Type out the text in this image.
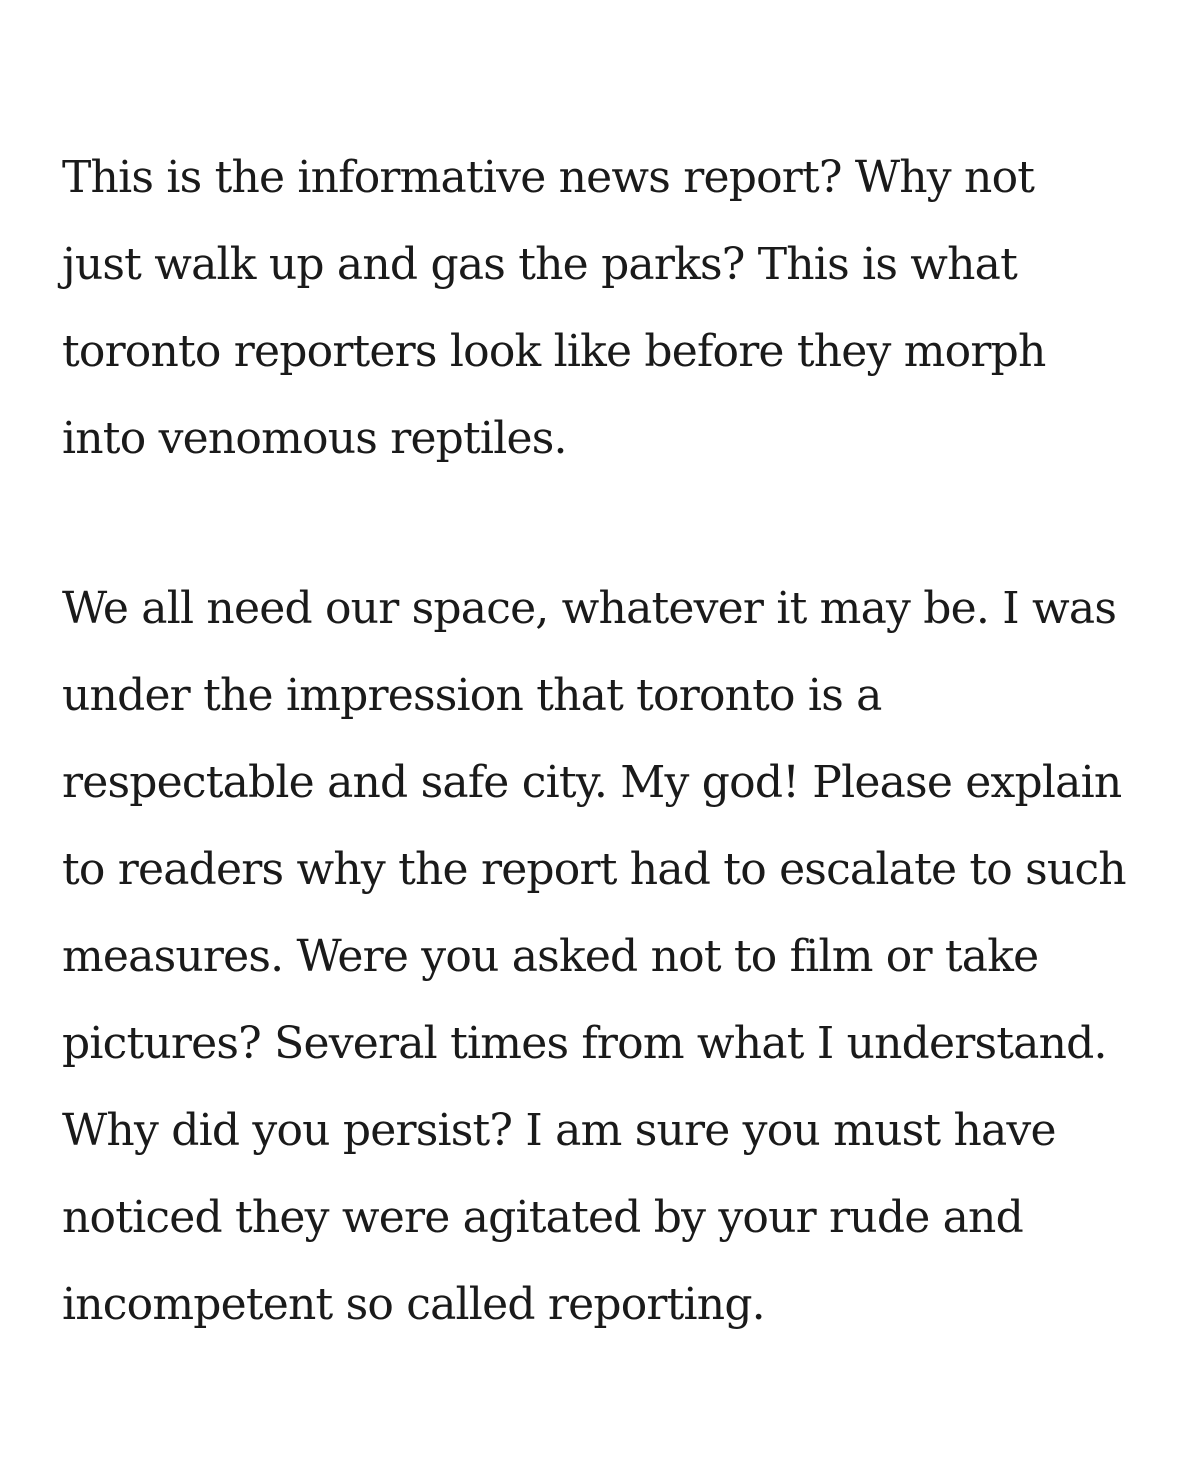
This is the informative news report? Why not
just walk up and gas the parks? This is what
toronto reporters look like before they morph
into venomous reptiles.
We all need our space, whatever it may be. I was
under the impression that toronto is a
respectable and safe city. My god! Please explain
to readers why the report had to escalate to such
measures. Were you asked not to film or take
pictures? Several times from what I understand.
Why did you persist? I am sure you must have
noticed they were agitated by your rude and
incompetent so called reporting.
